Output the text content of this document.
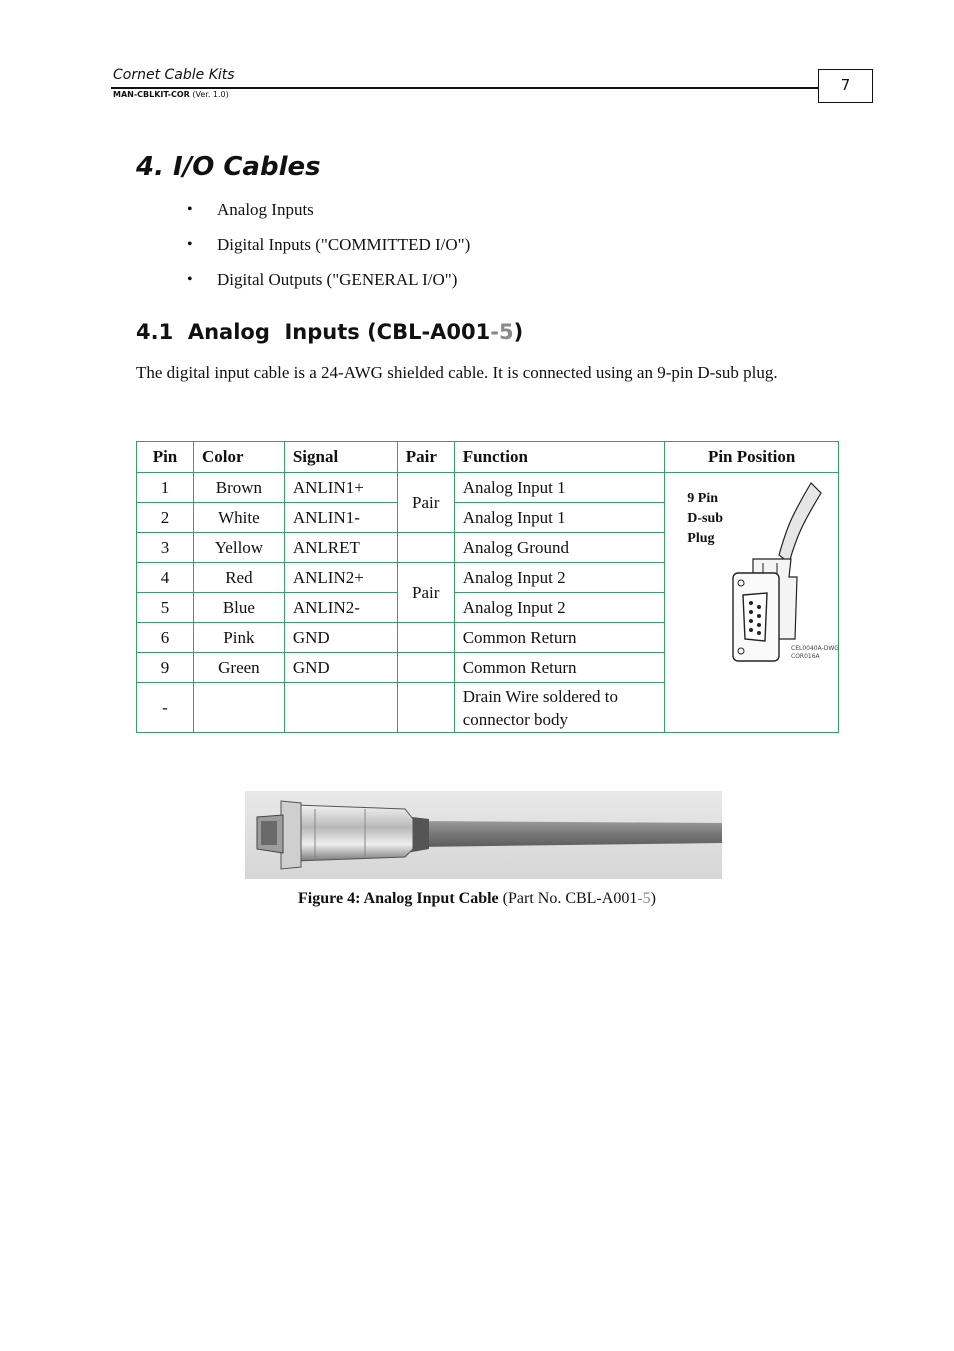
Cornet Cable Kits
MAN-CBLKIT-COR (Ver. 1.0)
7
4. I/O Cables
• Analog Inputs
• Digital Inputs ("COMMITTED I/O")
• Digital Outputs ("GENERAL I/O")
4.1  Analog  Inputs (CBL-A001-5)

The digital input cable is a 24-AWG shielded cable. It is connected using an 9-pin D-sub plug.

Pin	Color	Signal	Pair	Function	Pin Position
1	Brown	ANLIN1+	Pair	Analog Input 1	9 Pin
D-sub
Plug
CEL0040A-DWG
COR016A

2	White	ANLIN1-		Analog Input 1	
3	Yellow	ANLRET		Analog Ground	
4	Red	ANLIN2+	Pair	Analog Input 2	
5	Blue	ANLIN2-		Analog Input 2	
6	Pink	GND		Common Return	
9	Green	GND		Common Return	
-				Drain Wire soldered to connector body	
Figure 4: Analog Input Cable (Part No. CBL-A001-5)
